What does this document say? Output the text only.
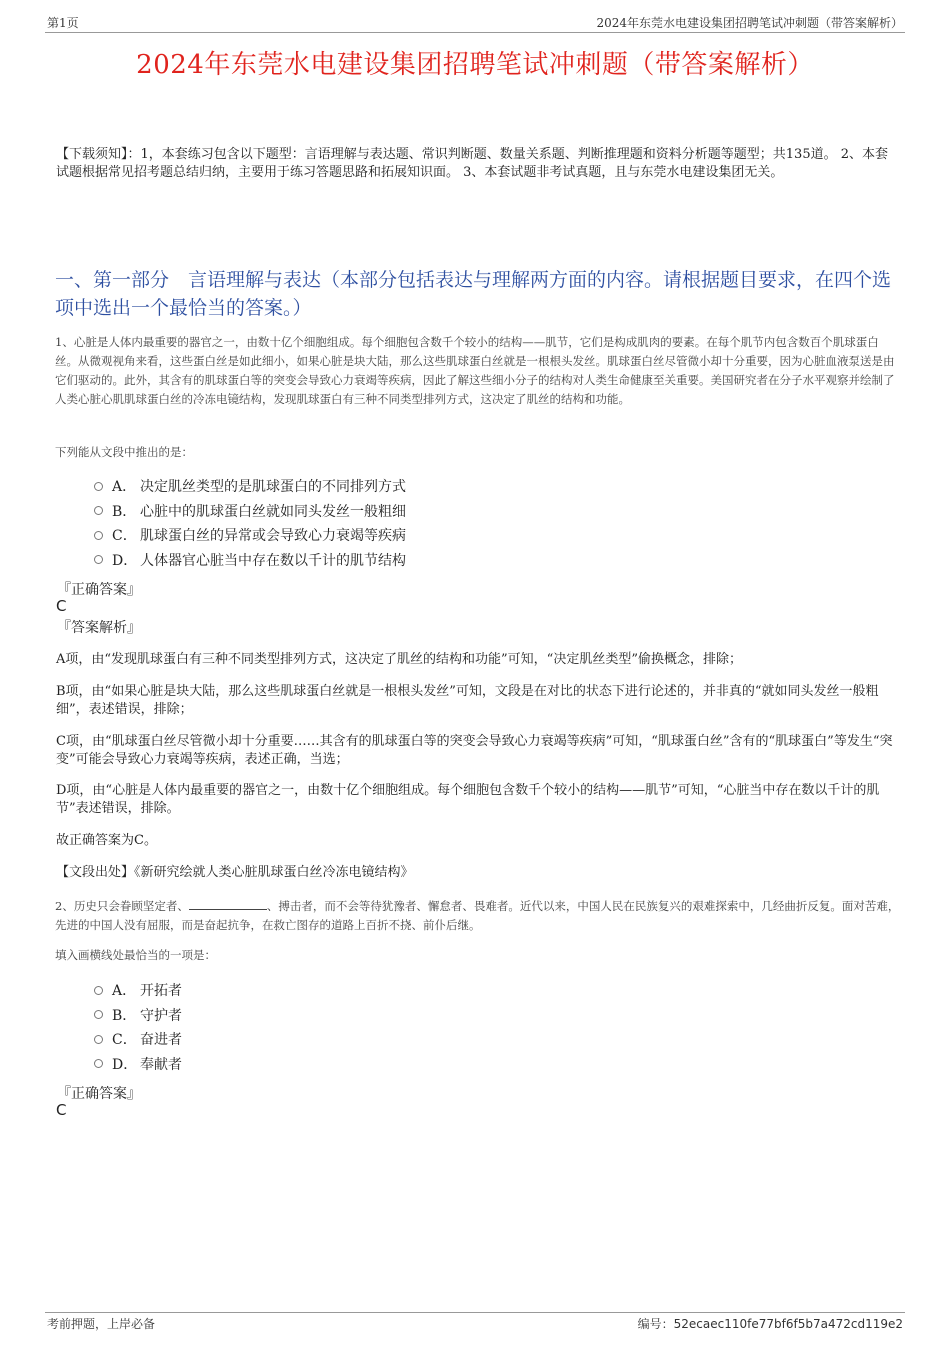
第1页	2024年东莞水电建设集团招聘笔试冲刺题（带答案解析）
2024年东莞水电建设集团招聘笔试冲刺题（带答案解析）
【下载须知】：1，本套练习包含以下题型：言语理解与表达题、常识判断题、数量关系题、判断推理题和资料分析题等题型；共135道。 2、本套试题根据常见招考题总结归纳，主要用于练习答题思路和拓展知识面。 3、本套试题非考试真题，且与东莞水电建设集团无关。
一、第一部分　言语理解与表达（本部分包括表达与理解两方面的内容。请根据题目要求，在四个选项中选出一个最恰当的答案。）
1、心脏是人体内最重要的器官之一，由数十亿个细胞组成。每个细胞包含数千个较小的结构——肌节，它们是构成肌肉的要素。在每个肌节内包含数百个肌球蛋白丝。从微观视角来看，这些蛋白丝是如此细小，如果心脏是块大陆，那么这些肌球蛋白丝就是一根根头发丝。肌球蛋白丝尽管微小却十分重要，因为心脏血液泵送是由它们驱动的。此外，其含有的肌球蛋白等的突变会导致心力衰竭等疾病，因此了解这些细小分子的结构对人类生命健康至关重要。美国研究者在分子水平观察并绘制了人类心脏心肌肌球蛋白丝的冷冻电镜结构，发现肌球蛋白有三种不同类型排列方式，这决定了肌丝的结构和功能。
下列能从文段中推出的是：
A． 决定肌丝类型的是肌球蛋白的不同排列方式
B． 心脏中的肌球蛋白丝就如同头发丝一般粗细
C． 肌球蛋白丝的异常或会导致心力衰竭等疾病
D． 人体器官心脏当中存在数以千计的肌节结构
『正确答案』
C
『答案解析』
A项，由“发现肌球蛋白有三种不同类型排列方式，这决定了肌丝的结构和功能”可知，“决定肌丝类型”偷换概念，排除；
B项，由“如果心脏是块大陆，那么这些肌球蛋白丝就是一根根头发丝”可知，文段是在对比的状态下进行论述的，并非真的“就如同头发丝一般粗细”，表述错误，排除；
C项，由“肌球蛋白丝尽管微小却十分重要……其含有的肌球蛋白等的突变会导致心力衰竭等疾病”可知，“肌球蛋白丝”含有的“肌球蛋白”等发生“突变”可能会导致心力衰竭等疾病，表述正确，当选；
D项，由“心脏是人体内最重要的器官之一，由数十亿个细胞组成。每个细胞包含数千个较小的结构——肌节”可知，“心脏当中存在数以千计的肌节”表述错误，排除。
故正确答案为C。
【文段出处】《新研究绘就人类心脏肌球蛋白丝冷冻电镜结构》
2、历史只会眷顾坚定者、	、搏击者，而不会等待犹豫者、懈怠者、畏难者。近代以来，中国人民在民族复兴的艰难探索中，几经曲折反复。面对苦难，先进的中国人没有屈服，而是奋起抗争，在救亡图存的道路上百折不挠、前仆后继。
填入画横线处最恰当的一项是：
A． 开拓者
B． 守护者
C． 奋进者
D． 奉献者
『正确答案』
C
考前押题，上岸必备	编号：52ecaec110fe77bf6f5b7a472cd119e2
